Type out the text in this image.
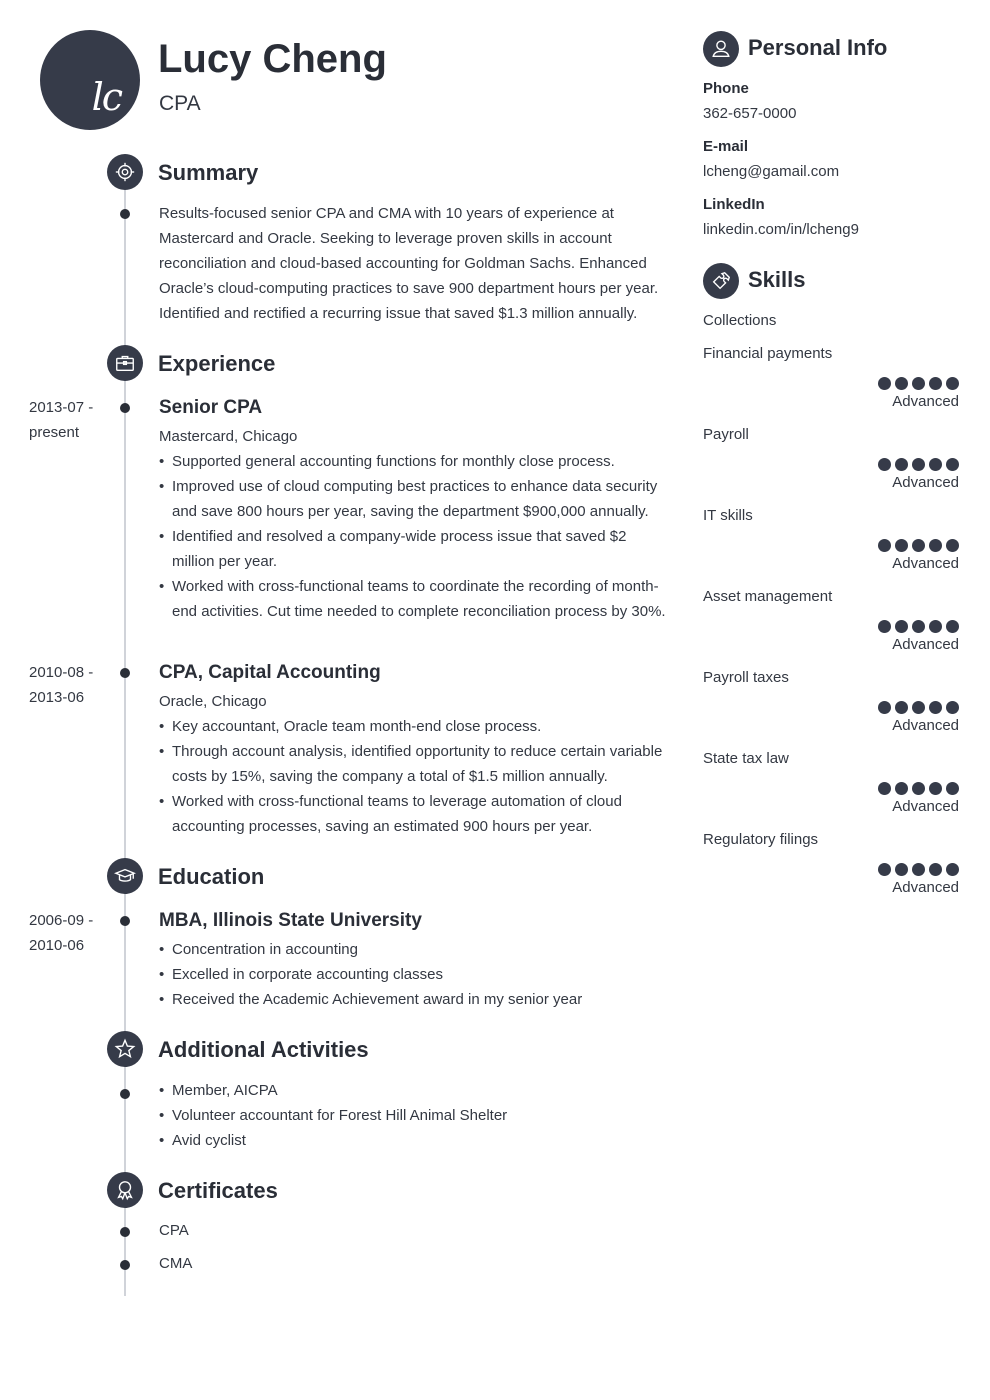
lc
Lucy Cheng
CPA
Summary
Results-focused senior CPA and CMA with 10 years of experience at Mastercard and Oracle. Seeking to leverage proven skills in account reconciliation and cloud-based accounting for Goldman Sachs. Enhanced Oracle’s cloud-computing practices to save 900 department hours per year. Identified and rectified a recurring issue that saved $1.3 million annually.
Experience
2013-07 -
present
Senior CPA
Mastercard, Chicago
• Supported general accounting functions for monthly close process.
• Improved use of cloud computing best practices to enhance data security and save 800 hours per year, saving the department $900,000 annually.
• Identified and resolved a company-wide process issue that saved $2 million per year.
• Worked with cross-functional teams to coordinate the recording of month-end activities. Cut time needed to complete reconciliation process by 30%.
2010-08 -
2013-06
CPA, Capital Accounting
Oracle, Chicago
• Key accountant, Oracle team month-end close process.
• Through account analysis, identified opportunity to reduce certain variable costs by 15%, saving the company a total of $1.5 million annually.
• Worked with cross-functional teams to leverage automation of cloud accounting processes, saving an estimated 900 hours per year.
Education
2006-09 -
2010-06
MBA, Illinois State University
• Concentration in accounting
• Excelled in corporate accounting classes
• Received the Academic Achievement award in my senior year
Additional Activities
• Member, AICPA
• Volunteer accountant for Forest Hill Animal Shelter
• Avid cyclist
Certificates
CPA
CMA
Personal Info
Phone
362-657-0000
E-mail
lcheng@gamail.com
LinkedIn
linkedin.com/in/lcheng9
Skills
Collections
Financial payments
Advanced
Payroll
Advanced
IT skills
Advanced
Asset management
Advanced
Payroll taxes
Advanced
State tax law
Advanced
Regulatory filings
Advanced
